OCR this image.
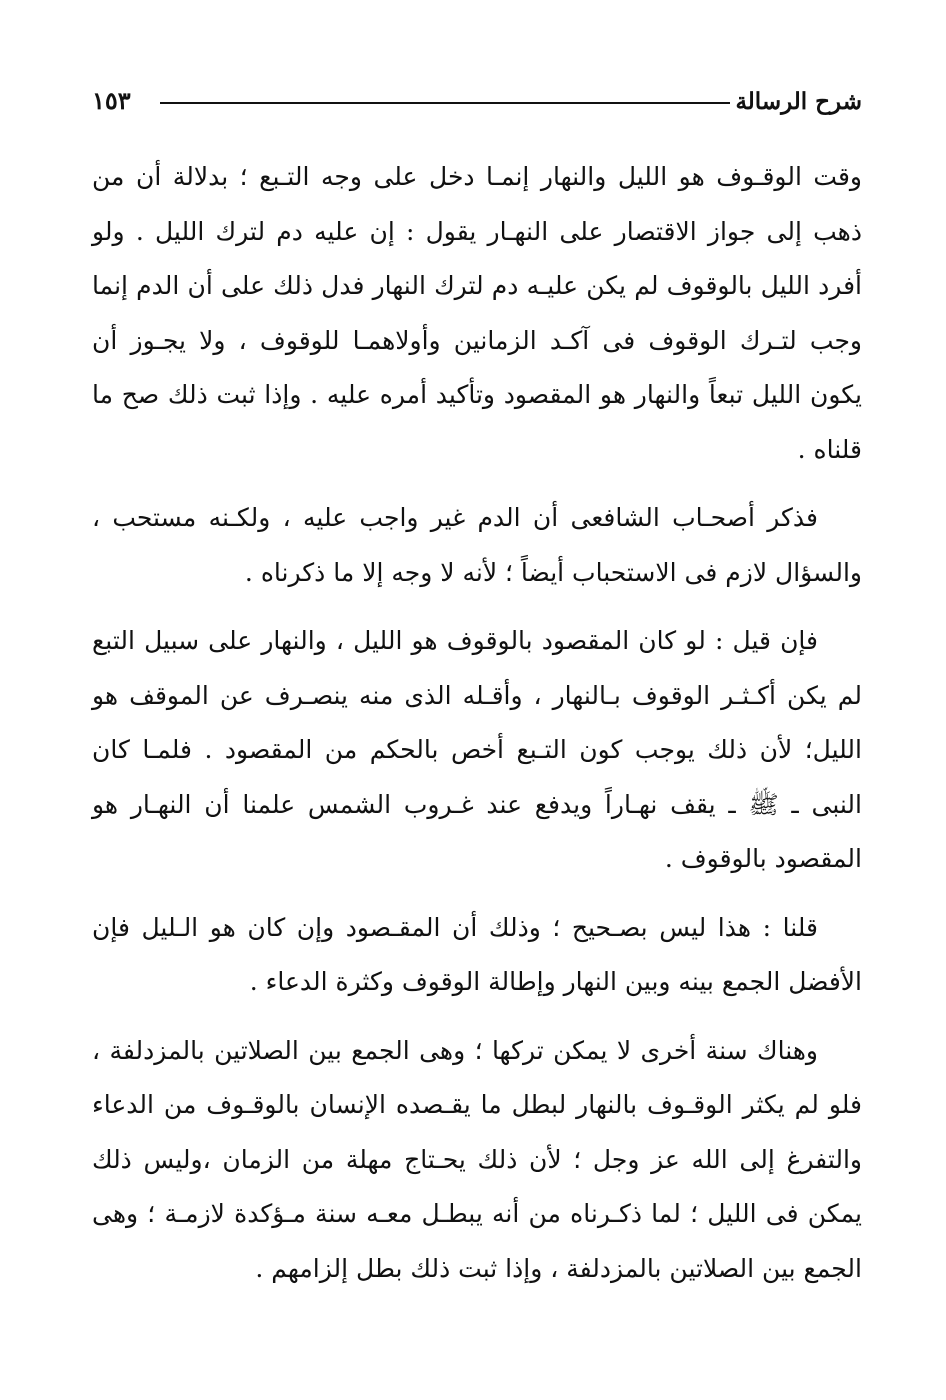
شرح الرسالة
١٥٣

وقت الوقـوف هو الليل والنهار إنمـا دخل على وجه التـبع ؛ بدلالة أن من ذهب إلى جواز الاقتصار على النهـار يقول : إن عليه دم لترك الليل . ولو أفرد الليل بالوقوف لم يكن عليـه دم لترك النهار فدل ذلك على أن الدم إنما وجب لتـرك الوقوف فى آكـد الزمانين وأولاهمـا للوقوف ، ولا يجـوز أن يكون الليل تبعاً والنهار هو المقصود وتأكيد أمره عليه . وإذا ثبت ذلك صح ما قلناه .

فذكر أصحـاب الشافعى أن الدم غير واجب عليه ، ولكـنه مستحب ، والسؤال لازم فى الاستحباب أيضاً ؛ لأنه لا وجه إلا ما ذكرناه .

فإن قيل : لو كان المقصود بالوقوف هو الليل ، والنهار على سبيل التبع لم يكن أكـثـر الوقوف بـالنهار ، وأقـله الذى منه ينصـرف عن الموقف هو الليل؛ لأن ذلك يوجب كون التـبع أخص بالحكم من المقصود . فلمـا كان النبى ـ ﷺ ـ يقف نهـاراً ويدفع عند غـروب الشمس علمنا أن النهـار هو المقصود بالوقوف .

قلنا : هذا ليس بصـحيح ؛ وذلك أن المقـصود وإن كان هو الـليل فإن الأفضل الجمع بينه وبين النهار وإطالة الوقوف وكثرة الدعاء .

وهناك سنة أخرى لا يمكن تركها ؛ وهى الجمع بين الصلاتين بالمزدلفة ، فلو لم يكثر الوقـوف بالنهار لبطل ما يقـصده الإنسان بالوقـوف من الدعاء والتفرغ إلى الله عز وجل ؛ لأن ذلك يحـتاج مهلة من الزمان ،وليس ذلك يمكن فى الليل ؛ لما ذكـرناه من أنه يبطـل معـه سنة مـؤكدة لازمـة ؛ وهى الجمع بين الصلاتين بالمزدلفة ، وإذا ثبت ذلك بطل إلزامهم .
